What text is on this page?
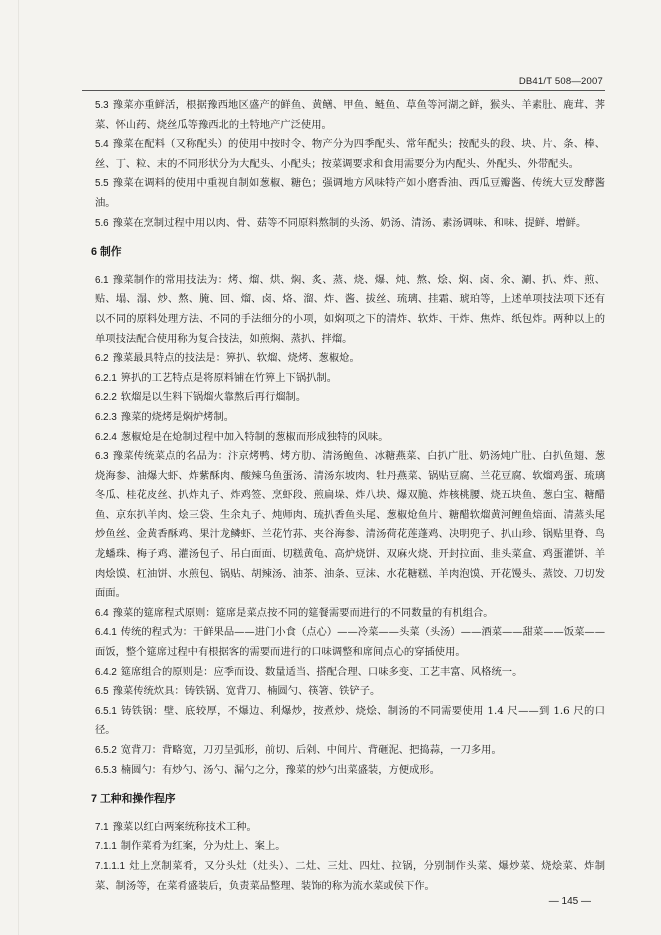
DB41/T 508—2007

5.3 豫菜亦重鲜活，根据豫西地区盛产的鲜鱼、黄鳝、甲鱼、鲢鱼、草鱼等河湖之鲜，猴头、羊素肚、鹿茸、荠菜、怀山药、烧丝瓜等豫西北的土特地产广泛使用。

5.4 豫菜在配料（又称配头）的使用中按时令、物产分为四季配头、常年配头；按配头的段、块、片、条、棒、丝、丁、粒、末的不同形状分为大配头、小配头；按菜调要求和食用需要分为内配头、外配头、外带配头。

5.5 豫菜在调料的使用中重视自制如葱椒、糖色；强调地方风味特产如小磨香油、西瓜豆瓣酱、传统大豆发酵酱油。

5.6 豫菜在烹制过程中用以肉、骨、菇等不同原料熬制的头汤、奶汤、清汤、素汤调味、和味、提鲜、增鲜。

6 制作

6.1 豫菜制作的常用技法为：烤、熘、烘、焖、炙、蒸、烧、爆、炖、熬、烩、焖、卤、氽、涮、扒、炸、煎、贴、塌、溻、炒、熬、腌、回、熘、卤、烙、溜、炸、酱、拔丝、琉璃、挂霜、琥珀等，上述单项技法项下还有以不同的原料处理方法、不同的手法细分的小项，如焖项之下的清炸、软炸、干炸、焦炸、纸包炸。两种以上的单项技法配合使用称为复合技法，如煎焖、蒸扒、拌熘。

6.2 豫菜最具特点的技法是：箅扒、软熘、烧烤、葱椒炝。

6.2.1 箅扒的工艺特点是将原料铺在竹箅上下锅扒制。

6.2.2 软熘是以生料下锅熘火靠熬后再行熘制。

6.2.3 豫菜的烧烤是焖炉烤制。

6.2.4 葱椒炝是在炝制过程中加入特制的葱椒而形成独特的风味。

6.3 豫菜传统菜点的名品为：汴京烤鸭、烤方肋、清汤鲍鱼、冰糖燕菜、白扒广肚、奶汤炖广肚、白扒鱼翅、葱烧海参、油爆大虾、炸紫酥肉、酸辣乌鱼蛋汤、清汤东坡肉、牡丹燕菜、锅贴豆腐、兰花豆腐、软熘鸡蛋、琉璃冬瓜、桂花皮丝、扒炸丸子、炸鸡签、烹虾段、煎扁垛、炸八块、爆双脆、炸核桃腰、烧五块鱼、葱白宝、糖醋鱼、京东扒羊肉、烩三袋、生余丸子、炖师肉、琉扒香鱼头尾、葱椒炝鱼片、糖醋软熘黄河鲤鱼焙面、清蒸头尾炒鱼丝、金黄香酥鸡、果汁龙鳞虾、兰花竹荪、夹谷海参、清汤荷花莲蓬鸡、决明兜子、扒山珍、锅贴里脊、鸟龙蟠珠、梅子鸡、灌汤包子、吊白面面、切糕黄龟、高炉烧饼、双麻火烧、开封拉面、韭头菜盒、鸡蛋灌饼、羊肉烩馍、杠油饼、水煎包、锅贴、胡辣汤、油茶、油条、豆沫、水花糖糕、羊肉泡馍、开花馒头、蒸饺、刀切发面面。

6.4 豫菜的筵席程式原则：筵席是菜点按不同的筵餐需要而进行的不同数量的有机组合。

6.4.1 传统的程式为：干鲜果品——进门小食（点心）——冷菜——头菜（头汤）——酒菜——甜菜——饭菜——面饭，整个筵席过程中有根据客的需要而进行的口味调整和席间点心的穿插使用。

6.4.2 筵席组合的原则是：应季而设、数量适当、搭配合理、口味多变、工艺丰富、风格统一。

6.5 豫菜传统炊具：铸铁锅、宽背刀、楠圆勺、筷箸、铁铲子。

6.5.1 铸铁锅：壁、底较厚，不爆边、利爆炒，按煮炒、烧烩、制汤的不同需要使用 1.4 尺——到 1.6 尺的口径。

6.5.2 宽背刀：背略宽，刀刃呈弧形，前切、后剁、中间片、背砸泥、把捣蒜，一刀多用。

6.5.3 楠圆勺：有炒勺、汤勺、漏勺之分，豫菜的炒勺出菜盛装，方便成形。

7 工种和操作程序

7.1 豫菜以红白两案统称技术工种。

7.1.1 制作菜肴为红案，分为灶上、案上。

7.1.1.1 灶上烹制菜肴，又分头灶（灶头）、二灶、三灶、四灶、拉锅，分别制作头菜、爆炒菜、烧烩菜、炸制菜、制汤等，在菜肴盛装后，负责菜品整理、装饰的称为流水菜或侯下作。

— 145 —
